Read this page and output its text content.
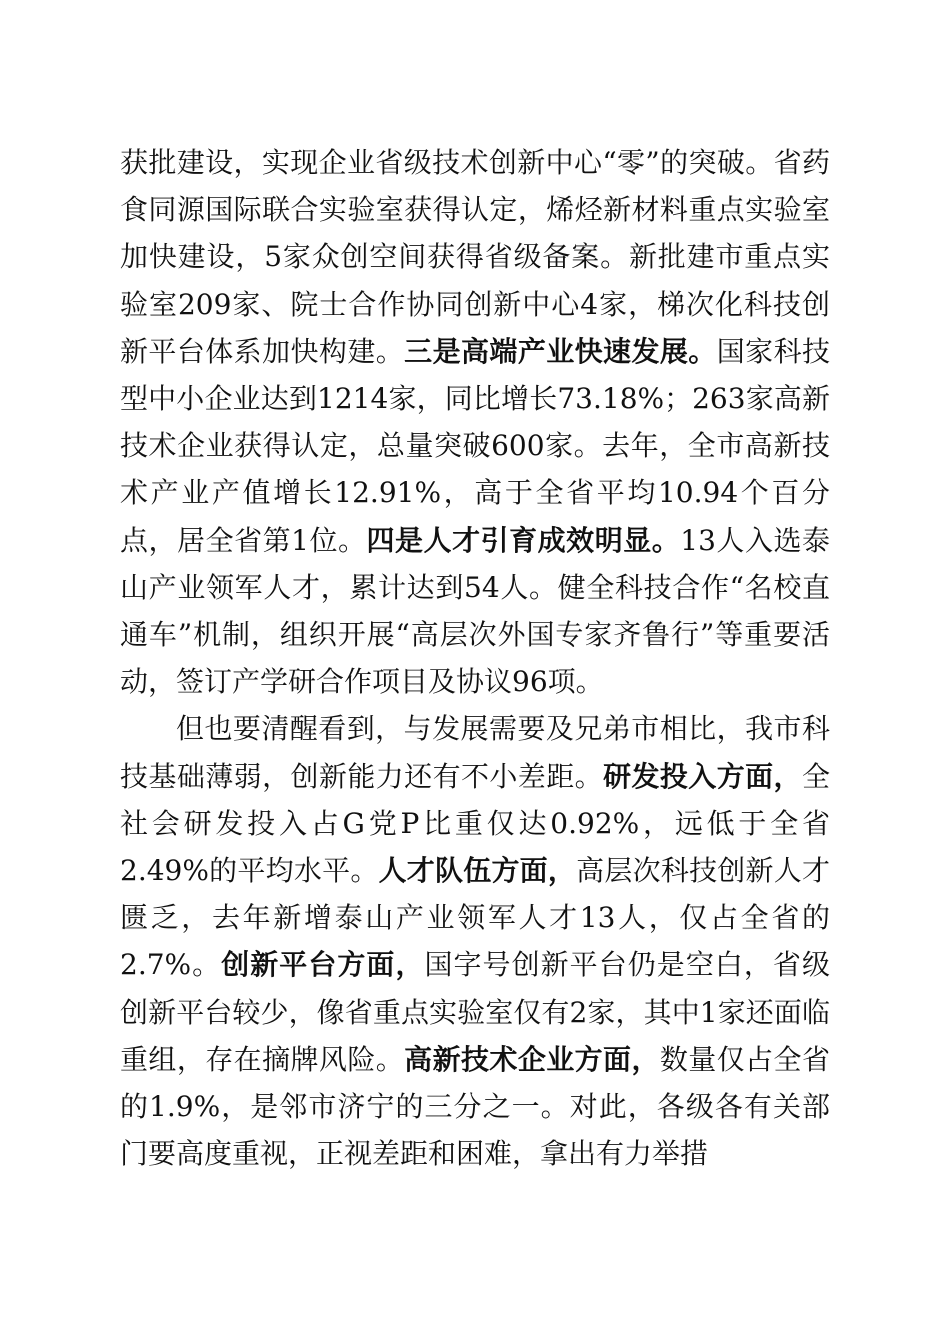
获批建设，实现企业省级技术创新中心“零”的突破。省药食同源国际联合实验室获得认定，烯烃新材料重点实验室加快建设，5家众创空间获得省级备案。新批建市重点实验室209家、院士合作协同创新中心4家，梯次化科技创新平台体系加快构建。三是高端产业快速发展。国家科技型中小企业达到1214家，同比增长73.18%；263家高新技术企业获得认定，总量突破600家。去年，全市高新技术产业产值增长12.91%，高于全省平均10.94个百分点，居全省第1位。四是人才引育成效明显。13人入选泰山产业领军人才，累计达到54人。健全科技合作“名校直通车”机制，组织开展“高层次外国专家齐鲁行”等重要活动，签订产学研合作项目及协议96项。

但也要清醒看到，与发展需要及兄弟市相比，我市科技基础薄弱，创新能力还有不小差距。研发投入方面，全社会研发投入占G党P比重仅达0.92%，远低于全省2.49%的平均水平。人才队伍方面，高层次科技创新人才匮乏，去年新增泰山产业领军人才13人，仅占全省的2.7%。创新平台方面，国字号创新平台仍是空白，省级创新平台较少，像省重点实验室仅有2家，其中1家还面临重组，存在摘牌风险。高新技术企业方面，数量仅占全省的1.9%，是邻市济宁的三分之一。对此，各级各有关部门要高度重视，正视差距和困难，拿出有力举措
